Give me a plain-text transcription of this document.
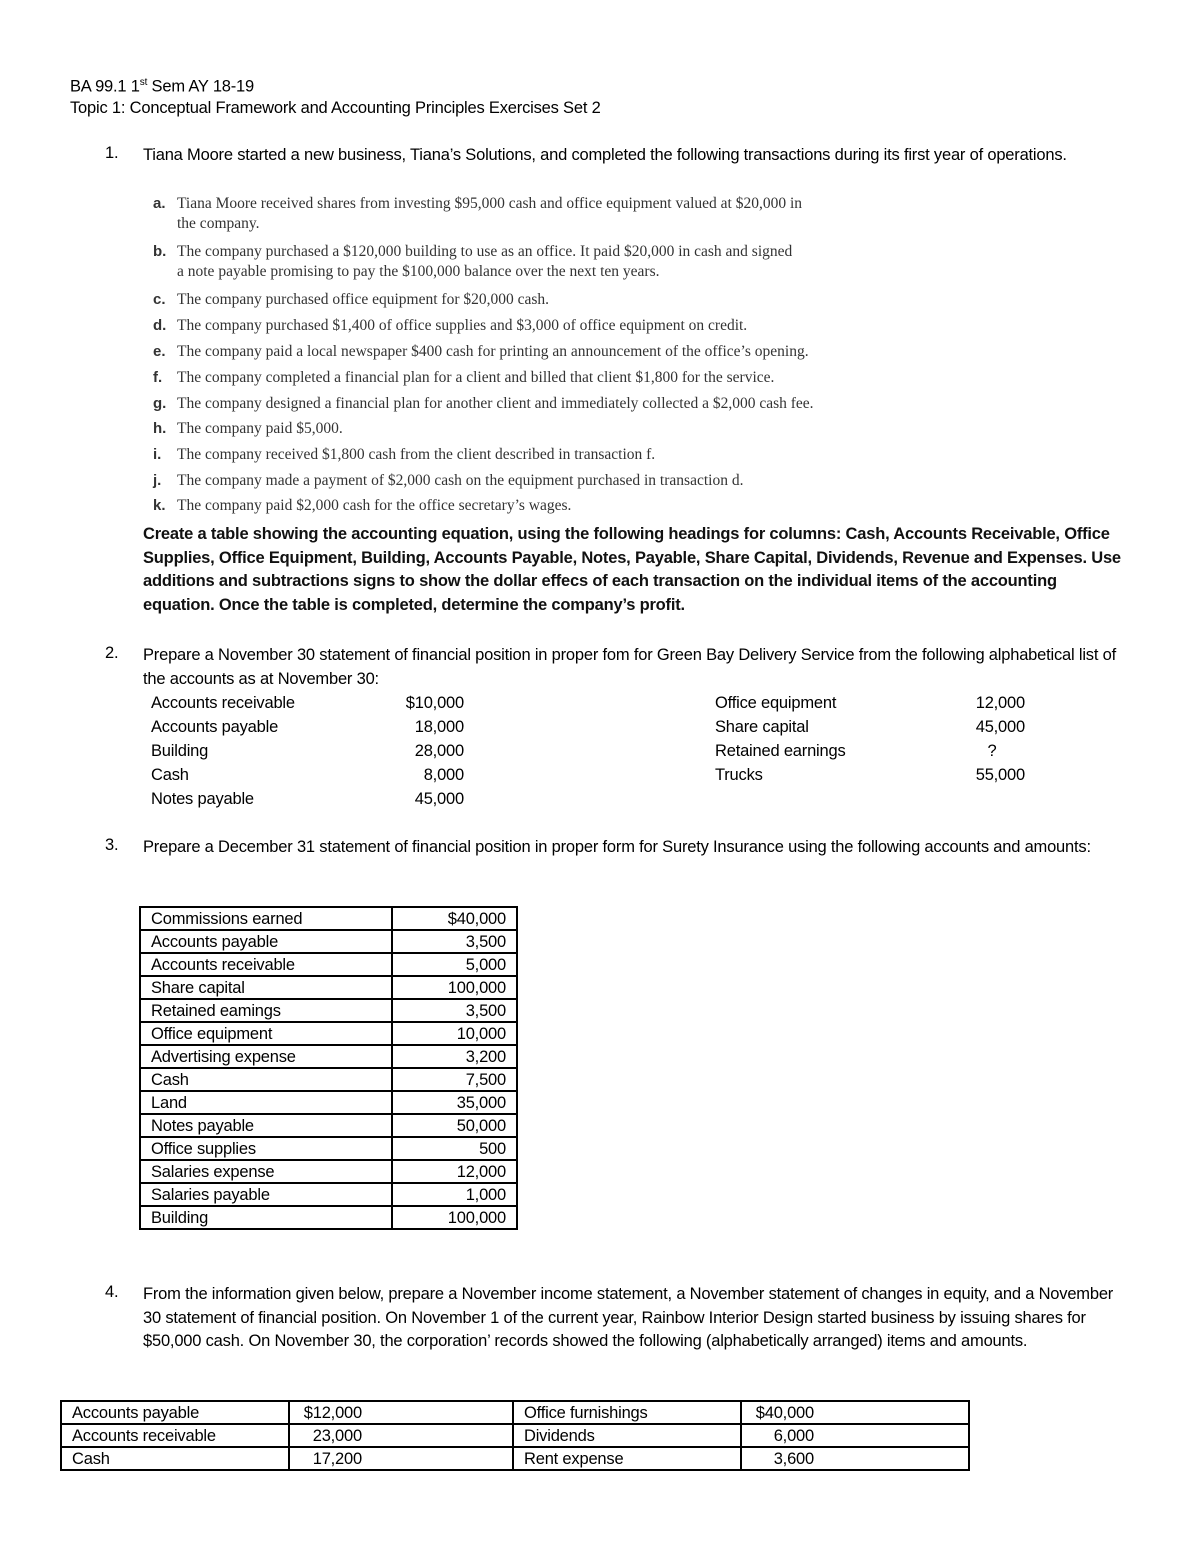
BA 99.1 1st Sem AY 18-19
Topic 1: Conceptual Framework and Accounting Principles Exercises Set 2
1.	Tiana Moore started a new business, Tiana’s Solutions, and completed the following transactions during its first year of operations.
a. Tiana Moore received shares from investing $95,000 cash and office equipment valued at $20,000 in
the company.
b. The company purchased a $120,000 building to use as an office. It paid $20,000 in cash and signed
a note payable promising to pay the $100,000 balance over the next ten years.
c. The company purchased office equipment for $20,000 cash.
d. The company purchased $1,400 of office supplies and $3,000 of office equipment on credit.
e. The company paid a local newspaper $400 cash for printing an announcement of the office’s opening.
f. The company completed a financial plan for a client and billed that client $1,800 for the service.
g. The company designed a financial plan for another client and immediately collected a $2,000 cash fee.
h. The company paid $5,000.
i. The company received $1,800 cash from the client described in transaction f.
j. The company made a payment of $2,000 cash on the equipment purchased in transaction d.
k. The company paid $2,000 cash for the office secretary’s wages.
Create a table showing the accounting equation, using the following headings for columns: Cash, Accounts Receivable, Office Supplies, Office Equipment, Building, Accounts Payable, Notes, Payable, Share Capital, Dividends, Revenue and Expenses. Use additions and subtractions signs to show the dollar effecs of each transaction on the individual items of the accounting equation. Once the table is completed, determine the company’s profit.
2.	Prepare a November 30 statement of financial position in proper fom for Green Bay Delivery Service from the following alphabetical list of the accounts as at November 30:
Accounts receivable	$10,000
Accounts payable	18,000
Building	28,000
Cash	8,000
Notes payable	45,000
Office equipment	12,000
Share capital	45,000
Retained earnings	?
Trucks	55,000
3.	Prepare a December 31 statement of financial position in proper form for Surety Insurance using the following accounts and amounts:
Commissions earned	$40,000
Accounts payable	3,500
Accounts receivable	5,000
Share capital	100,000
Retained eamings	3,500
Office equipment	10,000
Advertising expense	3,200
Cash	7,500
Land	35,000
Notes payable	50,000
Office supplies	500
Salaries expense	12,000
Salaries payable	1,000
Building	100,000
4.	From the information given below, prepare a November income statement, a November statement of changes in equity, and a November 30 statement of financial position. On November 1 of the current year, Rainbow Interior Design started business by issuing shares for $50,000 cash. On November 30, the corporation’ records showed the following (alphabetically arranged) items and amounts.
Accounts payable	$12,000	Office furnishings	$40,000
Accounts receivable	23,000	Dividends	6,000
Cash	17,200	Rent expense	3,600
